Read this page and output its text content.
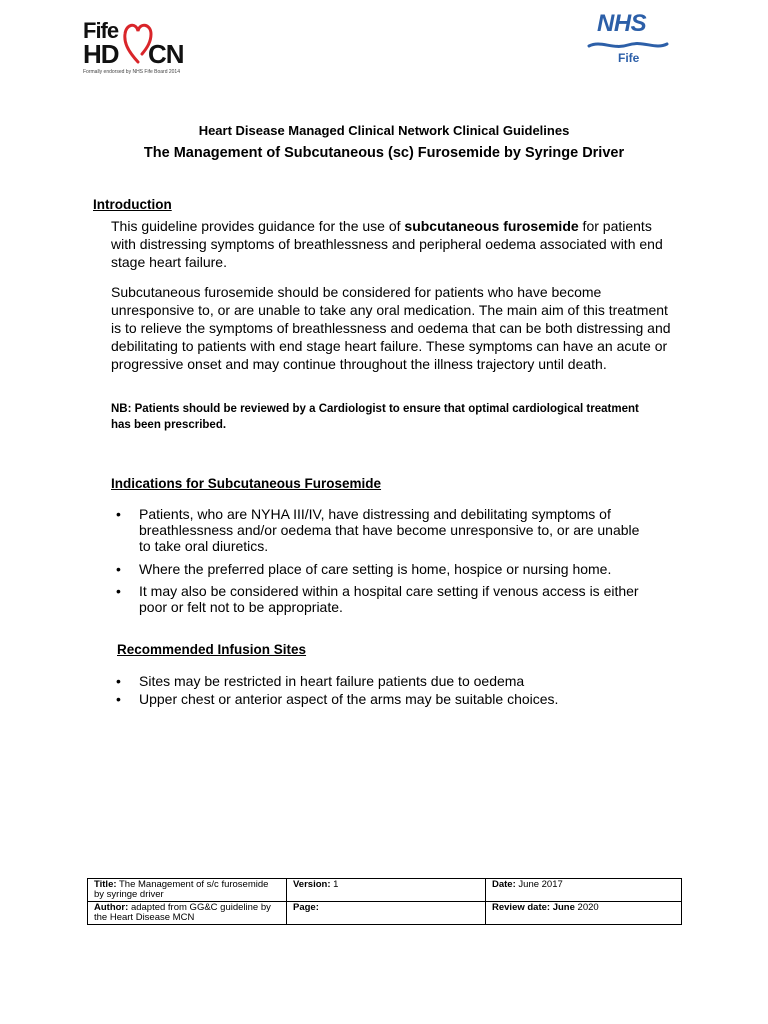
Fife
HD CN
Formally endorsed by NHS Fife Board 2014
NHS
Fife
Heart Disease Managed Clinical Network Clinical Guidelines
The Management of Subcutaneous (sc) Furosemide by Syringe Driver
Introduction
This guideline provides guidance for the use of subcutaneous furosemide for patients with distressing symptoms of breathlessness and peripheral oedema associated with end stage heart failure.
Subcutaneous furosemide should be considered for patients who have become unresponsive to, or are unable to take any oral medication. The main aim of this treatment is to relieve the symptoms of breathlessness and oedema that can be both distressing and debilitating to patients with end stage heart failure. These symptoms can have an acute or progressive onset and may continue throughout the illness trajectory until death.
NB: Patients should be reviewed by a Cardiologist to ensure that optimal cardiological treatment has been prescribed.
Indications for Subcutaneous Furosemide
• Patients, who are NYHA III/IV, have distressing and debilitating symptoms of breathlessness and/or oedema that have become unresponsive to, or are unable to take oral diuretics.
• Where the preferred place of care setting is home, hospice or nursing home.
• It may also be considered within a hospital care setting if venous access is either poor or felt not to be appropriate.
Recommended Infusion Sites
• Sites may be restricted in heart failure patients due to oedema
• Upper chest or anterior aspect of the arms may be suitable choices.
Title: The Management of s/c furosemide by syringe driver	Version: 1	Date: June 2017
Author: adapted from GG&C guideline by the Heart Disease MCN	Page:	Review date: June 2020
